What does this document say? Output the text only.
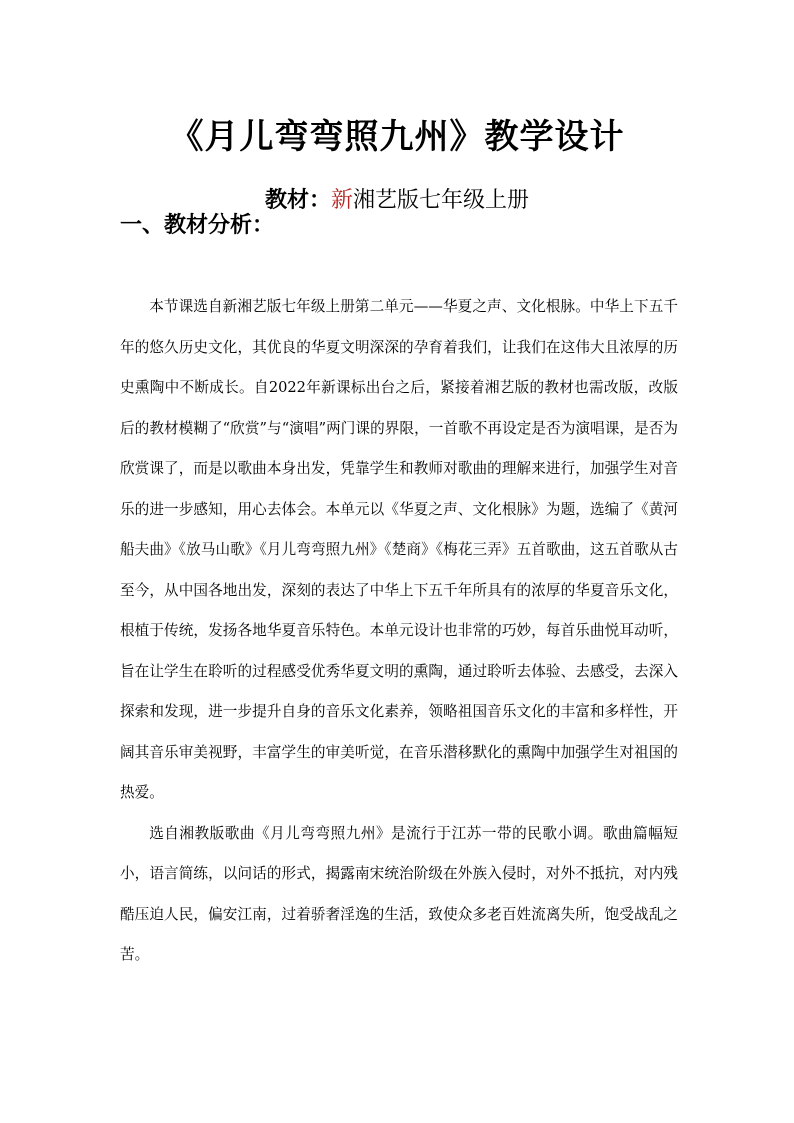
《月儿弯弯照九州》教学设计
教材：新湘艺版七年级上册
一、教材分析：

本节课选自新湘艺版七年级上册第二单元——华夏之声、文化根脉。中华上下五千年的悠久历史文化，其优良的华夏文明深深的孕育着我们，让我们在这伟大且浓厚的历史熏陶中不断成长。自2022年新课标出台之后，紧接着湘艺版的教材也需改版，改版后的教材模糊了“欣赏”与“演唱”两门课的界限，一首歌不再设定是否为演唱课，是否为欣赏课了，而是以歌曲本身出发，凭靠学生和教师对歌曲的理解来进行，加强学生对音乐的进一步感知，用心去体会。本单元以《华夏之声、文化根脉》为题，选编了《黄河船夫曲》《放马山歌》《月儿弯弯照九州》《楚商》《梅花三弄》五首歌曲，这五首歌从古至今，从中国各地出发，深刻的表达了中华上下五千年所具有的浓厚的华夏音乐文化，根植于传统，发扬各地华夏音乐特色。本单元设计也非常的巧妙，每首乐曲悦耳动听，旨在让学生在聆听的过程感受优秀华夏文明的熏陶，通过聆听去体验、去感受，去深入探索和发现，进一步提升自身的音乐文化素养，领略祖国音乐文化的丰富和多样性，开阔其音乐审美视野，丰富学生的审美听觉，在音乐潜移默化的熏陶中加强学生对祖国的热爱。

选自湘教版歌曲《月儿弯弯照九州》是流行于江苏一带的民歌小调。歌曲篇幅短小，语言简练，以问话的形式，揭露南宋统治阶级在外族入侵时，对外不抵抗，对内残酷压迫人民，偏安江南，过着骄奢淫逸的生活，致使众多老百姓流离失所，饱受战乱之苦。
